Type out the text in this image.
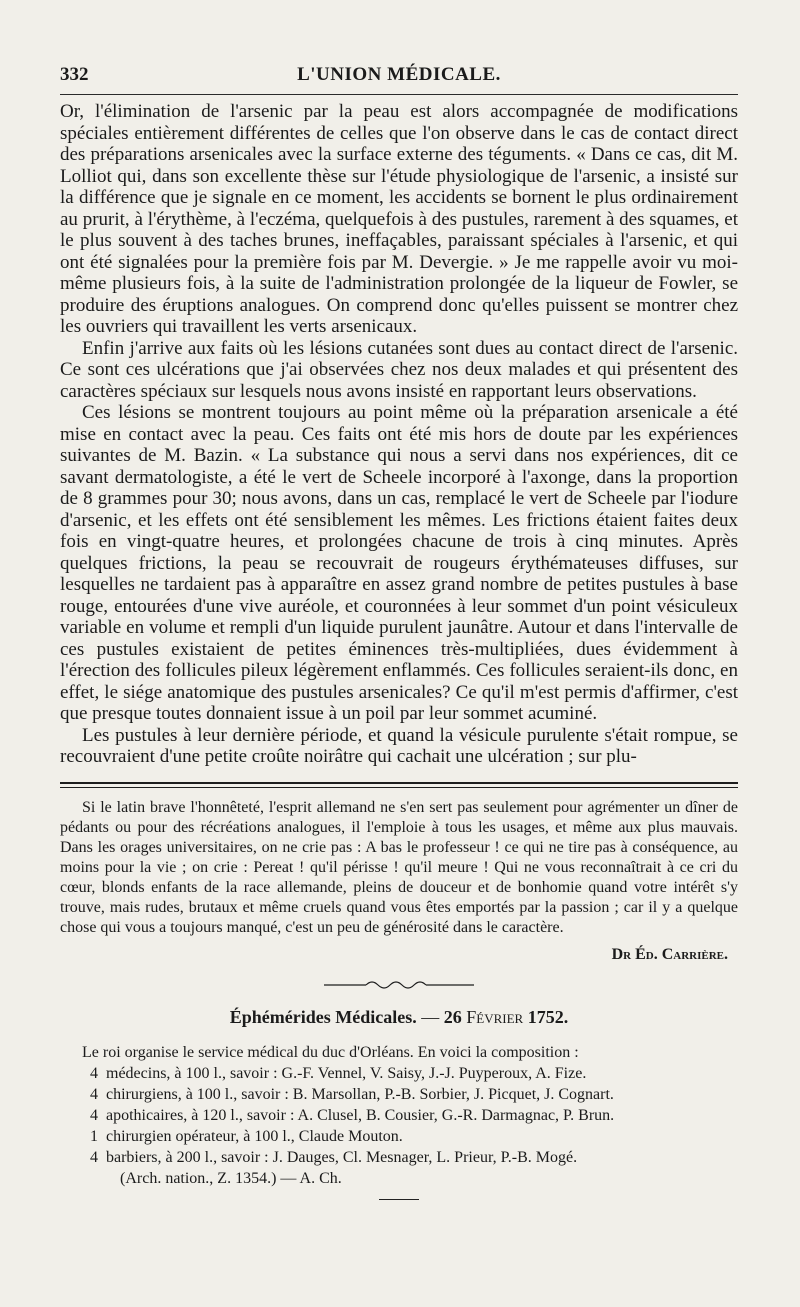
332	L'UNION MÉDICALE.

Or, l'élimination de l'arsenic par la peau est alors accompagnée de modifications spéciales entièrement différentes de celles que l'on observe dans le cas de contact direct des préparations arsenicales avec la surface externe des téguments. « Dans ce cas, dit M. Lolliot qui, dans son excellente thèse sur l'étude physiologique de l'arsenic, a insisté sur la différence que je signale en ce moment, les accidents se bornent le plus ordinairement au prurit, à l'érythème, à l'eczéma, quelquefois à des pustules, rarement à des squames, et le plus souvent à des taches brunes, ineffaçables, paraissant spéciales à l'arsenic, et qui ont été signalées pour la première fois par M. Devergie. » Je me rappelle avoir vu moi-même plusieurs fois, à la suite de l'administration prolongée de la liqueur de Fowler, se produire des éruptions analogues. On comprend donc qu'elles puissent se montrer chez les ouvriers qui travaillent les verts arsenicaux.

Enfin j'arrive aux faits où les lésions cutanées sont dues au contact direct de l'arsenic. Ce sont ces ulcérations que j'ai observées chez nos deux malades et qui présentent des caractères spéciaux sur lesquels nous avons insisté en rapportant leurs observations.

Ces lésions se montrent toujours au point même où la préparation arsenicale a été mise en contact avec la peau. Ces faits ont été mis hors de doute par les expériences suivantes de M. Bazin. « La substance qui nous a servi dans nos expériences, dit ce savant dermatologiste, a été le vert de Scheele incorporé à l'axonge, dans la proportion de 8 grammes pour 30; nous avons, dans un cas, remplacé le vert de Scheele par l'iodure d'arsenic, et les effets ont été sensiblement les mêmes. Les frictions étaient faites deux fois en vingt-quatre heures, et prolongées chacune de trois à cinq minutes. Après quelques frictions, la peau se recouvrait de rougeurs érythémateuses diffuses, sur lesquelles ne tardaient pas à apparaître en assez grand nombre de petites pustules à base rouge, entourées d'une vive auréole, et couronnées à leur sommet d'un point vésiculeux variable en volume et rempli d'un liquide purulent jaunâtre. Autour et dans l'intervalle de ces pustules existaient de petites éminences très-multipliées, dues évidemment à l'érection des follicules pileux légèrement enflammés. Ces follicules seraient-ils donc, en effet, le siége anatomique des pustules arsenicales? Ce qu'il m'est permis d'affirmer, c'est que presque toutes donnaient issue à un poil par leur sommet acuminé.

Les pustules à leur dernière période, et quand la vésicule purulente s'était rompue, se recouvraient d'une petite croûte noirâtre qui cachait une ulcération ; sur plu-

Si le latin brave l'honnêteté, l'esprit allemand ne s'en sert pas seulement pour agrémenter un dîner de pédants ou pour des récréations analogues, il l'emploie à tous les usages, et même aux plus mauvais. Dans les orages universitaires, on ne crie pas : A bas le professeur ! ce qui ne tire pas à conséquence, au moins pour la vie ; on crie : Pereat ! qu'il périsse ! qu'il meure ! Qui ne vous reconnaîtrait à ce cri du cœur, blonds enfants de la race allemande, pleins de douceur et de bonhomie quand votre intérêt s'y trouve, mais rudes, brutaux et même cruels quand vous êtes emportés par la passion ; car il y a quelque chose qui vous a toujours manqué, c'est un peu de générosité dans le caractère.

Dr Éd. Carrière.
Éphémérides Médicales. — 26 Février 1752.

Le roi organise le service médical du duc d'Orléans. En voici la composition :

4 médecins, à 100 l., savoir : G.-F. Vennel, V. Saisy, J.-J. Puyperoux, A. Fize.
4 chirurgiens, à 100 l., savoir : B. Marsollan, P.-B. Sorbier, J. Picquet, J. Cognart.
4 apothicaires, à 120 l., savoir : A. Clusel, B. Cousier, G.-R. Darmagnac, P. Brun.
1 chirurgien opérateur, à 100 l., Claude Mouton.
4 barbiers, à 200 l., savoir : J. Dauges, Cl. Mesnager, L. Prieur, P.-B. Mogé.
(Arch. nation., Z. 1354.) — A. Ch.
